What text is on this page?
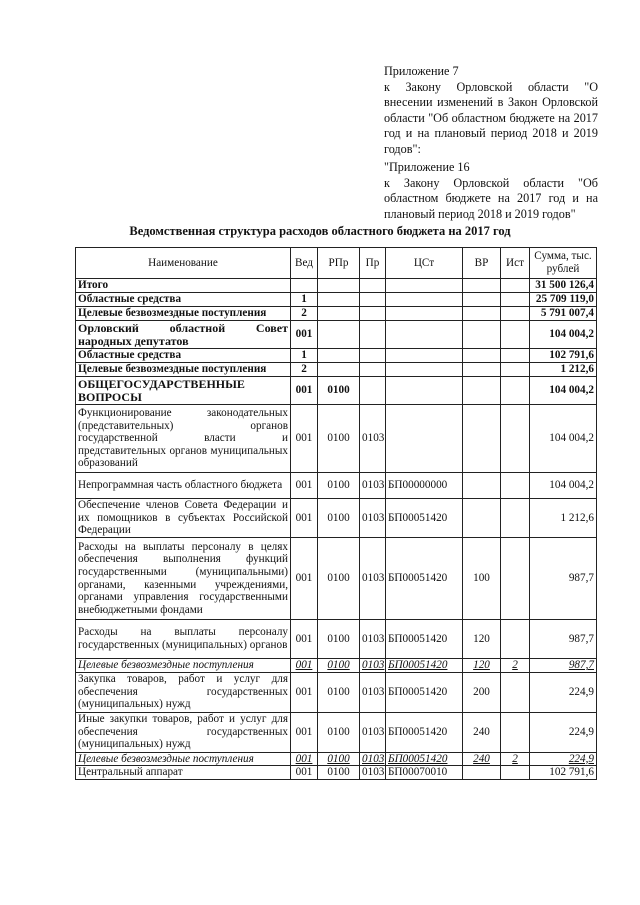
Приложение 7

к Закону Орловской области "О внесении изменений в Закон Орловской области "Об областном бюджете на 2017 год и на плановый период 2018 и 2019 годов":

"Приложение 16

к Закону Орловской области "Об областном бюджете на 2017 год и на плановый период 2018 и 2019 годов"

Ведомственная структура расходов областного бюджета на 2017 год
Наименование	Вед	РПр	Пр	ЦСт	ВР	Ист	Сумма, тыс. рублей
Итого							31 500 126,4
Областные средства	1						25 709 119,0
Целевые безвозмездные поступления	2						5 791 007,4
Орловский областной Совет народных депутатов	001						104 004,2
Областные средства	1						102 791,6
Целевые безвозмездные поступления	2						1 212,6
ОБЩЕГОСУДАРСТВЕННЫЕ ВОПРОСЫ	001	0100					104 004,2
Функционирование законодательных (представительных) органов государственной власти и представительных органов муниципальных образований	001	0100	0103				104 004,2
Непрограммная часть областного бюджета	001	0100	0103	БП00000000			104 004,2
Обеспечение членов Совета Федерации и их помощников в субъектах Российской Федерации	001	0100	0103	БП00051420			1 212,6
Расходы на выплаты персоналу в целях обеспечения выполнения функций государственными (муниципальными) органами, казенными учреждениями, органами управления государственными внебюджетными фондами	001	0100	0103	БП00051420	100		987,7
Расходы на выплаты персоналу государственных (муниципальных) органов	001	0100	0103	БП00051420	120		987,7
Целевые безвозмездные поступления	001	0100	0103	БП00051420	120	2	987,7
Закупка товаров, работ и услуг для обеспечения государственных (муниципальных) нужд	001	0100	0103	БП00051420	200		224,9
Иные закупки товаров, работ и услуг для обеспечения государственных (муниципальных) нужд	001	0100	0103	БП00051420	240		224,9
Целевые безвозмездные поступления	001	0100	0103	БП00051420	240	2	224,9
Центральный аппарат	001	0100	0103	БП00070010			102 791,6
